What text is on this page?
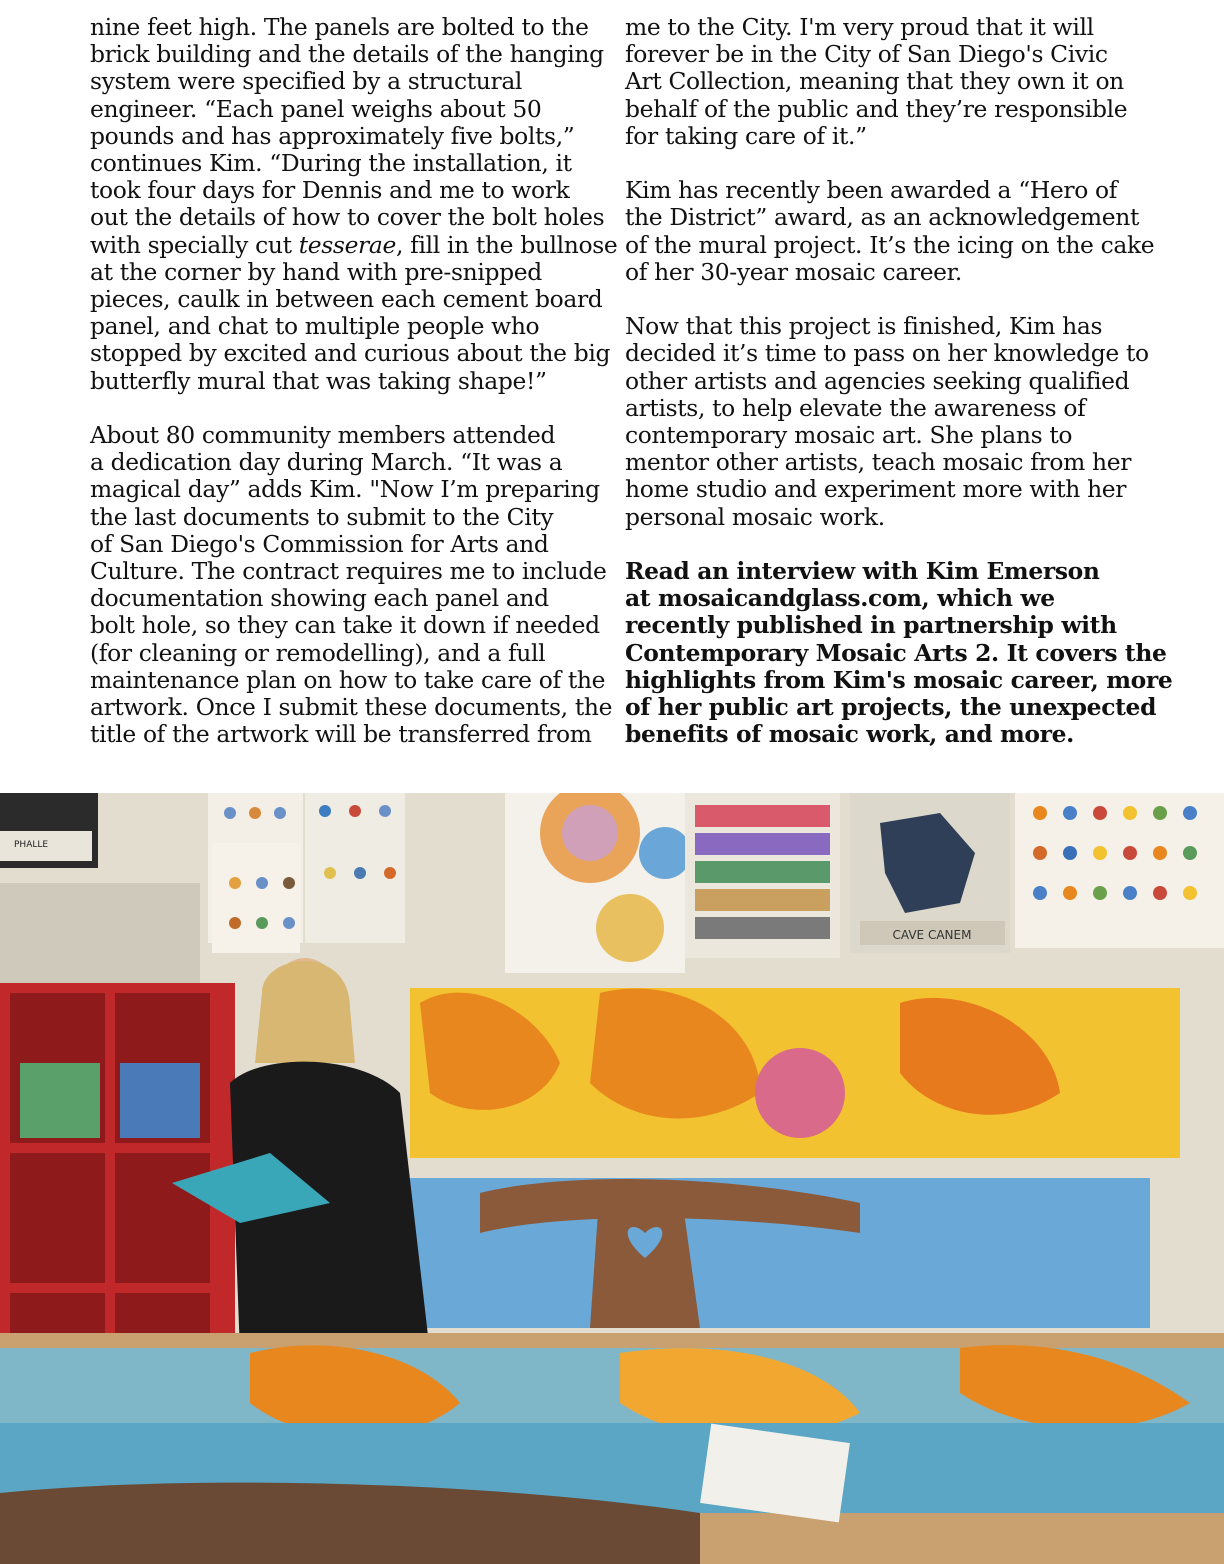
nine feet high. The panels are bolted to the
brick building and the details of the hanging
system were specified by a structural
engineer. “Each panel weighs about 50
pounds and has approximately five bolts,”
continues Kim. “During the installation, it
took four days for Dennis and me to work
out the details of how to cover the bolt holes
with specially cut tesserae, fill in the bullnose
at the corner by hand with pre-snipped
pieces, caulk in between each cement board
panel, and chat to multiple people who
stopped by excited and curious about the big
butterfly mural that was taking shape!”
About 80 community members attended
a dedication day during March. “It was a
magical day” adds Kim. "Now I’m preparing
the last documents to submit to the City
of San Diego's Commission for Arts and
Culture. The contract requires me to include
documentation showing each panel and
bolt hole, so they can take it down if needed
(for cleaning or remodelling), and a full
maintenance plan on how to take care of the
artwork. Once I submit these documents, the
title of the artwork will be transferred from
me to the City. I'm very proud that it will
forever be in the City of San Diego's Civic
Art Collection, meaning that they own it on
behalf of the public and they’re responsible
for taking care of it.”
Kim has recently been awarded a “Hero of
the District” award, as an acknowledgement
of the mural project. It’s the icing on the cake
of her 30-year mosaic career.
Now that this project is finished, Kim has
decided it’s time to pass on her knowledge to
other artists and agencies seeking qualified
artists, to help elevate the awareness of
contemporary mosaic art. She plans to
mentor other artists, teach mosaic from her
home studio and experiment more with her
personal mosaic work.
Read an interview with Kim Emerson
at mosaicandglass.com, which we
recently published in partnership with
Contemporary Mosaic Arts 2. It covers the
highlights from Kim's mosaic career, more
of her public art projects, the unexpected
benefits of mosaic work, and more.
PHALLE
CAVE CANEM
